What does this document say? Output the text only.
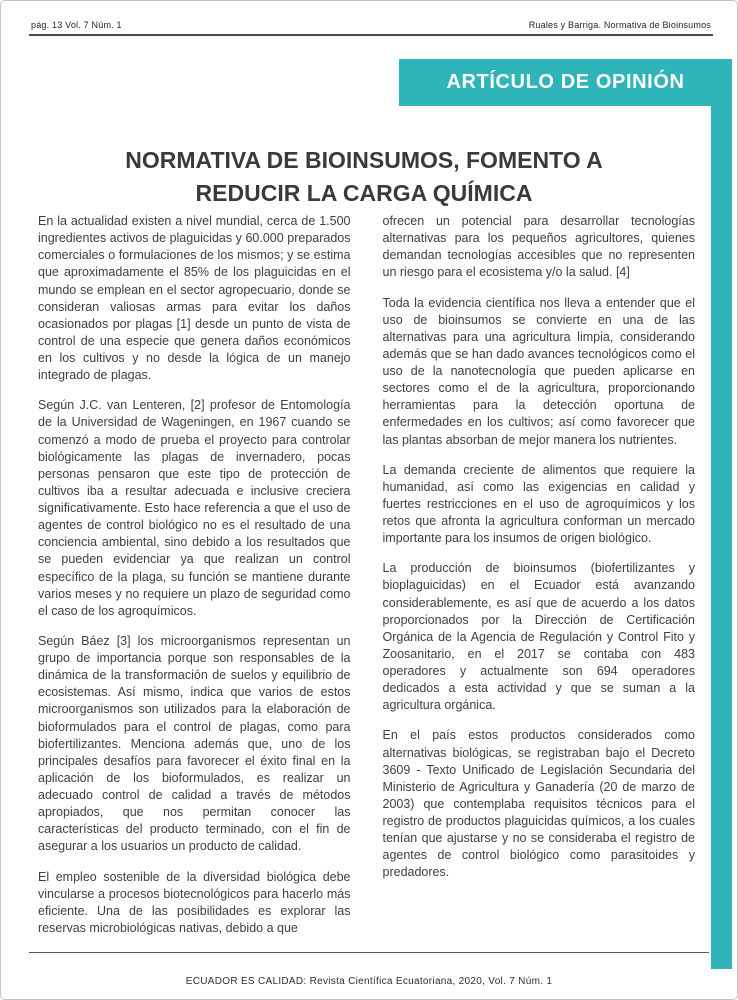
pág. 13 Vol. 7 Núm. 1	Ruales y Barriga. Normativa de Bioinsumos
ARTÍCULO DE OPINIÓN
NORMATIVA DE BIOINSUMOS, FOMENTO A REDUCIR LA CARGA QUÍMICA

En la actualidad existen a nivel mundial, cerca de 1.500 ingredientes activos de plaguicidas y 60.000 preparados comerciales o formulaciones de los mismos; y se estima que aproximadamente el 85% de los plaguicidas en el mundo se emplean en el sector agropecuario, donde se consideran valiosas armas para evitar los daños ocasionados por plagas [1] desde un punto de vista de control de una especie que genera daños económicos en los cultivos y no desde la lógica de un manejo integrado de plagas.

Según J.C. van Lenteren, [2] profesor de Entomología de la Universidad de Wageningen, en 1967 cuando se comenzó a modo de prueba el proyecto para controlar biológicamente las plagas de invernadero, pocas personas pensaron que este tipo de protección de cultivos iba a resultar adecuada e inclusive creciera significativamente. Esto hace referencia a que el uso de agentes de control biológico no es el resultado de una conciencia ambiental, sino debido a los resultados que se pueden evidenciar ya que realizan un control específico de la plaga, su función se mantiene durante varios meses y no requiere un plazo de seguridad como el caso de los agroquímicos.

Según Báez [3] los microorganismos representan un grupo de importancia porque son responsables de la dinámica de la transformación de suelos y equilibrio de ecosistemas. Así mismo, indica que varios de estos microorganismos son utilizados para la elaboración de bioformulados para el control de plagas, como para biofertilizantes. Menciona además que, uno de los principales desafíos para favorecer el éxito final en la aplicación de los bioformulados, es realizar un adecuado control de calidad a través de métodos apropiados, que nos permitan conocer las características del producto terminado, con el fin de asegurar a los usuarios un producto de calidad.

El empleo sostenible de la diversidad biológica debe vincularse a procesos biotecnológicos para hacerlo más eficiente. Una de las posibilidades es explorar las reservas microbiológicas nativas, debido a que

ofrecen un potencial para desarrollar tecnologías alternativas para los pequeños agricultores, quienes demandan tecnologías accesibles que no representen un riesgo para el ecosistema y/o la salud. [4]

Toda la evidencia científica nos lleva a entender que el uso de bioinsumos se convierte en una de las alternativas para una agricultura limpia, considerando además que se han dado avances tecnológicos como el uso de la nanotecnología que pueden aplicarse en sectores como el de la agricultura, proporcionando herramientas para la detección oportuna de enfermedades en los cultivos; así como favorecer que las plantas absorban de mejor manera los nutrientes.

La demanda creciente de alimentos que requiere la humanidad, así como las exigencias en calidad y fuertes restricciones en el uso de agroquímicos y los retos que afronta la agricultura conforman un mercado importante para los insumos de origen biológico.

La producción de bioinsumos (biofertilizantes y bioplaguicidas) en el Ecuador está avanzando considerablemente, es así que de acuerdo a los datos proporcionados por la Dirección de Certificación Orgánica de la Agencia de Regulación y Control Fito y Zoosanitario, en el 2017 se contaba con 483 operadores y actualmente son 694 operadores dedicados a esta actividad y que se suman a la agricultura orgánica.

En el país estos productos considerados como alternativas biológicas, se registraban bajo el Decreto 3609 - Texto Unificado de Legislación Secundaria del Ministerio de Agricultura y Ganadería (20 de marzo de 2003) que contemplaba requisitos técnicos para el registro de productos plaguicidas químicos, a los cuales tenían que ajustarse y no se consideraba el registro de agentes de control biológico como parasitoides y predadores.

ECUADOR ES CALIDAD: Revista Científica Ecuatoriana, 2020, Vol. 7 Núm. 1
